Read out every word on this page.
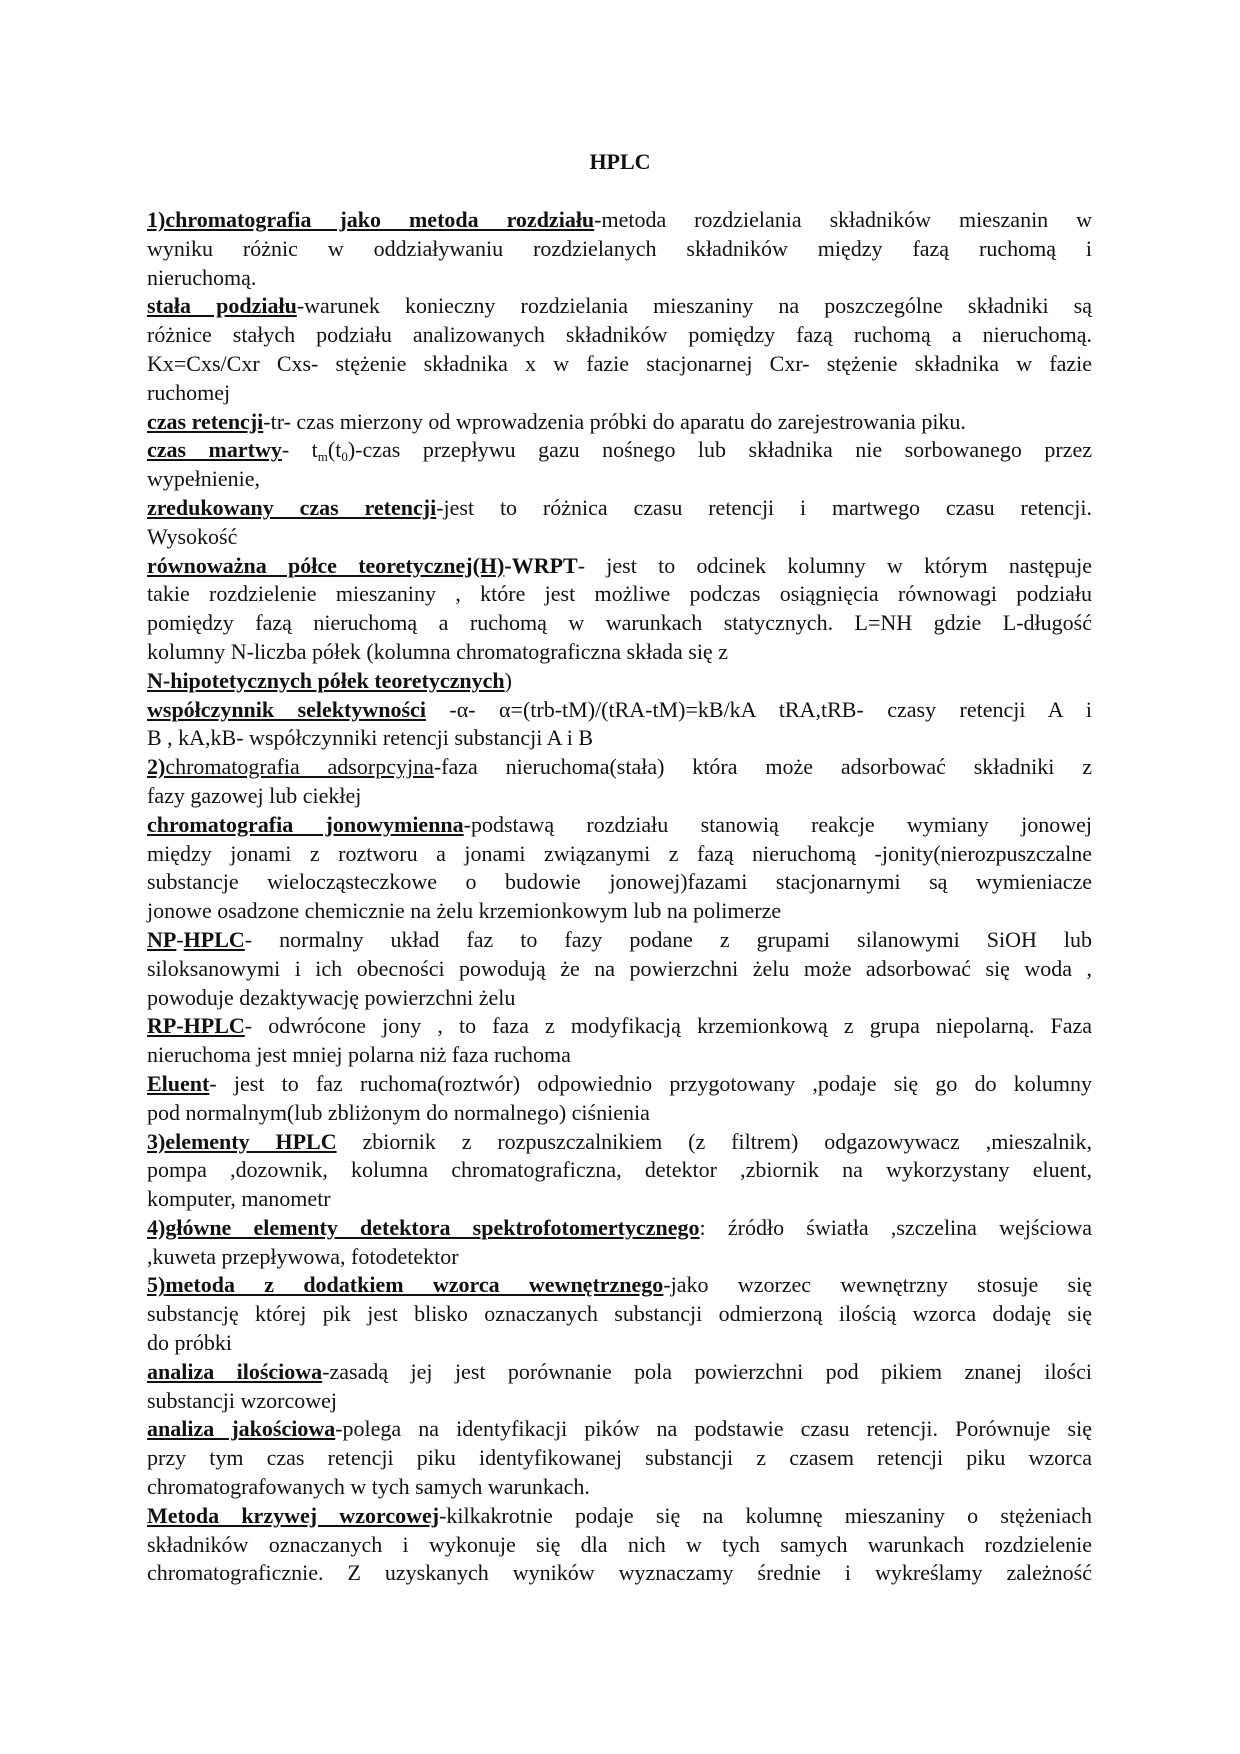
HPLC
1)chromatografia jako metoda rozdziału-metoda rozdzielania składników mieszanin w
wyniku różnic w oddziaływaniu rozdzielanych składników między fazą ruchomą i
nieruchomą.
stała podziału-warunek konieczny rozdzielania mieszaniny na poszczególne składniki są
różnice stałych podziału analizowanych składników pomiędzy fazą ruchomą a nieruchomą.
Kx=Cxs/Cxr Cxs- stężenie składnika x w fazie stacjonarnej Cxr- stężenie składnika w fazie
ruchomej
czas retencji-tr- czas mierzony od wprowadzenia próbki do aparatu do zarejestrowania piku.
czas martwy- $t_m(t_0)$-czas przepływu gazu nośnego lub składnika nie sorbowanego przez
wypełnienie,
zredukowany czas retencji-jest to różnica czasu retencji i martwego czasu retencji.
Wysokość
równoważna półce teoretycznej(H)-WRPT- jest to odcinek kolumny w którym następuje
takie rozdzielenie mieszaniny , które jest możliwe podczas osiągnięcia równowagi podziału
pomiędzy fazą nieruchomą a ruchomą w warunkach statycznych. L=NH gdzie L-długość
kolumny N-liczba półek (kolumna chromatograficzna składa się z
N-hipotetycznych półek teoretycznych)
współczynnik selektywności -α- α=(trb-tM)/(tRA-tM)=kB/kA tRA,tRB- czasy retencji A i
B , kA,kB- współczynniki retencji substancji A i B
2)chromatografia adsorpcyjna-faza nieruchoma(stała) która może adsorbować składniki z
fazy gazowej lub ciekłej
chromatografia jonowymienna-podstawą rozdziału stanowią reakcje wymiany jonowej
między jonami z roztworu a jonami związanymi z fazą nieruchomą -jonity(nierozpuszczalne
substancje wielocząsteczkowe o budowie jonowej)fazami stacjonarnymi są wymieniacze
jonowe osadzone chemicznie na żelu krzemionkowym lub na polimerze
NP-HPLC- normalny układ faz to fazy podane z grupami silanowymi SiOH lub
siloksanowymi i ich obecności powodują że na powierzchni żelu może adsorbować się woda ,
powoduje dezaktywację powierzchni żelu
RP-HPLC- odwrócone jony , to faza z modyfikacją krzemionkową z grupa niepolarną. Faza
nieruchoma jest mniej polarna niż faza ruchoma
Eluent- jest to faz ruchoma(roztwór) odpowiednio przygotowany ,podaje się go do kolumny
pod normalnym(lub zbliżonym do normalnego) ciśnienia
3)elementy HPLC zbiornik z rozpuszczalnikiem (z filtrem) odgazowywacz ,mieszalnik,
pompa ,dozownik, kolumna chromatograficzna, detektor ,zbiornik na wykorzystany eluent,
komputer, manometr
4)główne elementy detektora spektrofotomertycznego: źródło światła ,szczelina wejściowa
,kuweta przepływowa, fotodetektor
5)metoda z dodatkiem wzorca wewnętrznego-jako wzorzec wewnętrzny stosuje się
substancję której pik jest blisko oznaczanych substancji odmierzoną ilością wzorca dodaję się
do próbki
analiza ilościowa-zasadą jej jest porównanie pola powierzchni pod pikiem znanej ilości
substancji wzorcowej
analiza jakościowa-polega na identyfikacji pików na podstawie czasu retencji. Porównuje się
przy tym czas retencji piku identyfikowanej substancji z czasem retencji piku wzorca
chromatografowanych w tych samych warunkach.
Metoda krzywej wzorcowej-kilkakrotnie podaje się na kolumnę mieszaniny o stężeniach
składników oznaczanych i wykonuje się dla nich w tych samych warunkach rozdzielenie
chromatograficznie. Z uzyskanych wyników wyznaczamy średnie i wykreślamy zależność
